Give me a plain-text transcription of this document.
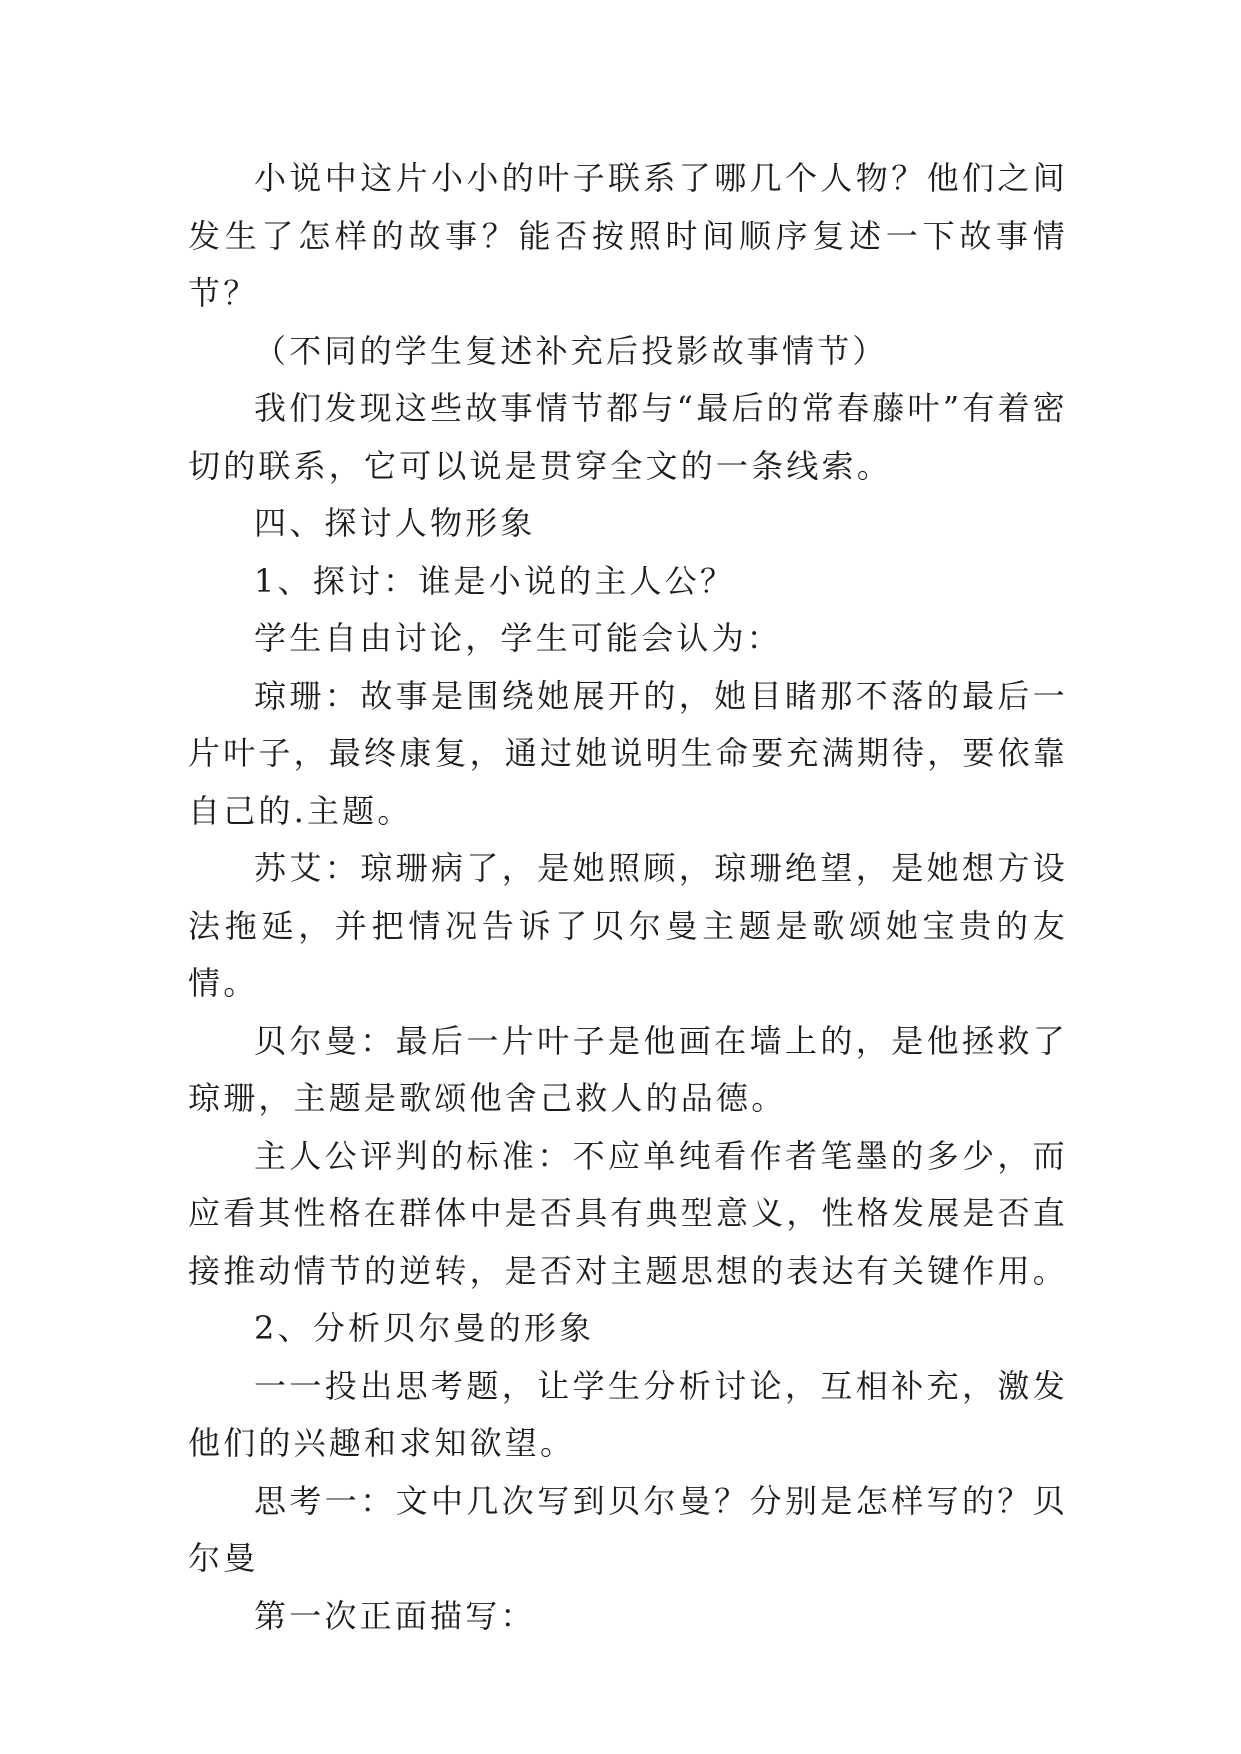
小说中这片小小的叶子联系了哪几个人物？他们之间发生了怎样的故事？能否按照时间顺序复述一下故事情节？

（不同的学生复述补充后投影故事情节）

我们发现这些故事情节都与“最后的常春藤叶”有着密切的联系，它可以说是贯穿全文的一条线索。

四、探讨人物形象

1、探讨：谁是小说的主人公？

学生自由讨论，学生可能会认为：

琼珊：故事是围绕她展开的，她目睹那不落的最后一片叶子，最终康复，通过她说明生命要充满期待，要依靠自己的.主题。

苏艾：琼珊病了，是她照顾，琼珊绝望，是她想方设法拖延，并把情况告诉了贝尔曼主题是歌颂她宝贵的友情。

贝尔曼：最后一片叶子是他画在墙上的，是他拯救了琼珊，主题是歌颂他舍己救人的品德。

主人公评判的标准：不应单纯看作者笔墨的多少，而应看其性格在群体中是否具有典型意义，性格发展是否直接推动情节的逆转，是否对主题思想的表达有关键作用。

2、分析贝尔曼的形象

一一投出思考题，让学生分析讨论，互相补充，激发他们的兴趣和求知欲望。

思考一：文中几次写到贝尔曼？分别是怎样写的？贝尔曼

第一次正面描写：
